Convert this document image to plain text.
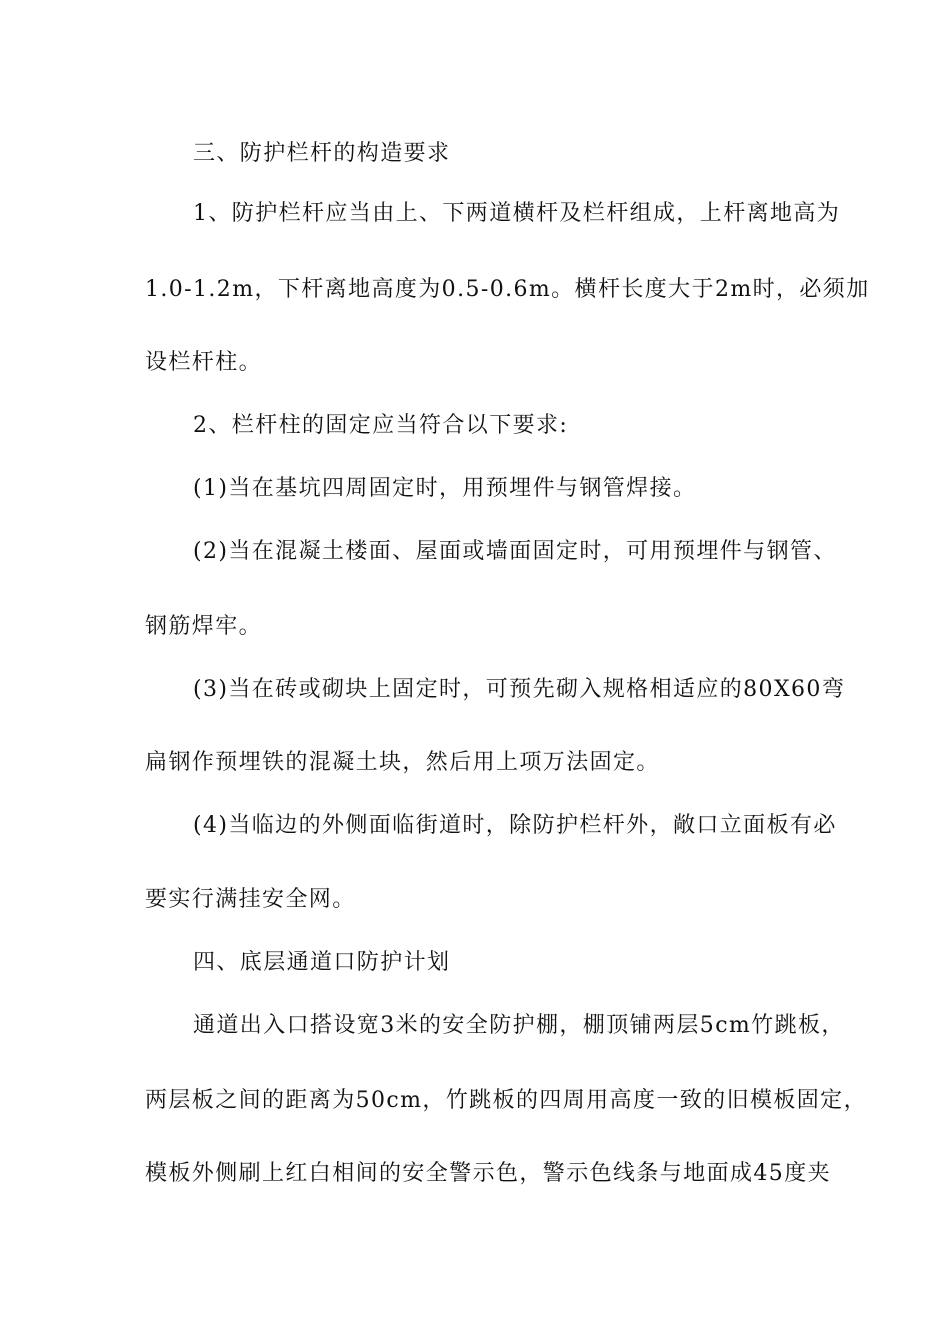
三、防护栏杆的构造要求
1、防护栏杆应当由上、下两道横杆及栏杆组成，上杆离地高为
1.0-1.2m，下杆离地高度为0.5-0.6m。横杆长度大于2m时，必须加
设栏杆柱。
2、栏杆柱的固定应当符合以下要求:
(1)当在基坑四周固定时，用预埋件与钢管焊接。
(2)当在混凝土楼面、屋面或墙面固定时，可用预埋件与钢管、
钢筋焊牢。
(3)当在砖或砌块上固定时，可预先砌入规格相适应的80X60弯
扁钢作预埋铁的混凝土块，然后用上项万法固定。
(4)当临边的外侧面临街道时，除防护栏杆外，敞口立面板有必
要实行满挂安全网。
四、底层通道口防护计划
通道出入口搭设宽3米的安全防护棚，棚顶铺两层5cm竹跳板，
两层板之间的距离为50cm，竹跳板的四周用高度一致的旧模板固定，
模板外侧刷上红白相间的安全警示色，警示色线条与地面成45度夹
